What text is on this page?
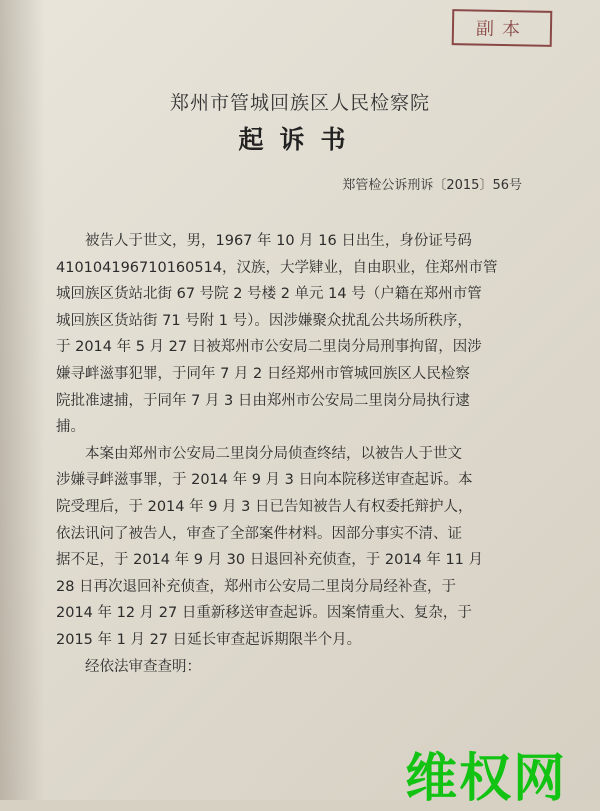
副本
郑州市管城回族区人民检察院
起诉书
郑管检公诉刑诉〔2015〕56号

被告人于世文，男，1967 年 10 月 16 日出生，身份证号码

410104196710160514，汉族，大学肄业，自由职业，住郑州市管

城回族区货站北街 67 号院 2 号楼 2 单元 14 号（户籍在郑州市管

城回族区货站街 71 号附 1 号）。因涉嫌聚众扰乱公共场所秩序，

于 2014 年 5 月 27 日被郑州市公安局二里岗分局刑事拘留，因涉

嫌寻衅滋事犯罪，于同年 7 月 2 日经郑州市管城回族区人民检察

院批准逮捕，于同年 7 月 3 日由郑州市公安局二里岗分局执行逮

捕。

本案由郑州市公安局二里岗分局侦查终结，以被告人于世文

涉嫌寻衅滋事罪，于 2014 年 9 月 3 日向本院移送审查起诉。本

院受理后，于 2014 年 9 月 3 日已告知被告人有权委托辩护人，

依法讯问了被告人，审查了全部案件材料。因部分事实不清、证

据不足，于 2014 年 9 月 30 日退回补充侦查，于 2014 年 11 月

28 日再次退回补充侦查，郑州市公安局二里岗分局经补查，于

2014 年 12 月 27 日重新移送审查起诉。因案情重大、复杂，于

2015 年 1 月 27 日延长审查起诉期限半个月。

经依法审查查明：

维权网
